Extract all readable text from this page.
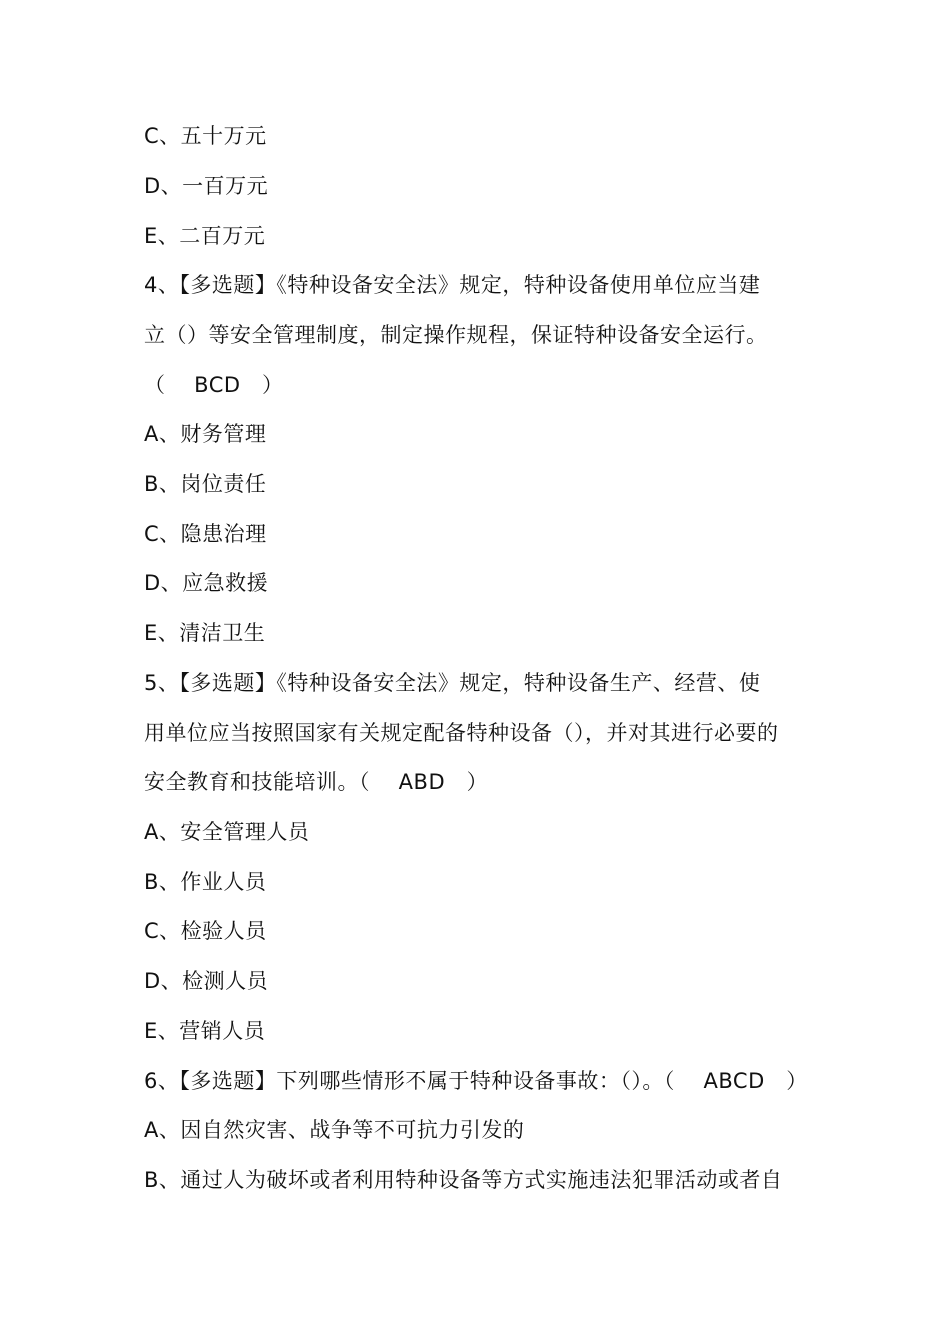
C、五十万元
D、一百万元
E、二百万元
4、【多选题】《特种设备安全法》规定，特种设备使用单位应当建
立（）等安全管理制度，制定操作规程，保证特种设备安全运行。
（　 BCD　）
A、财务管理
B、岗位责任
C、隐患治理
D、应急救援
E、清洁卫生
5、【多选题】《特种设备安全法》规定，特种设备生产、经营、使
用单位应当按照国家有关规定配备特种设备（），并对其进行必要的
安全教育和技能培训。（　 ABD　）
A、安全管理人员
B、作业人员
C、检验人员
D、检测人员
E、营销人员
6、【多选题】下列哪些情形不属于特种设备事故：（）。（　 ABCD　）
A、因自然灾害、战争等不可抗力引发的
B、通过人为破坏或者利用特种设备等方式实施违法犯罪活动或者自
